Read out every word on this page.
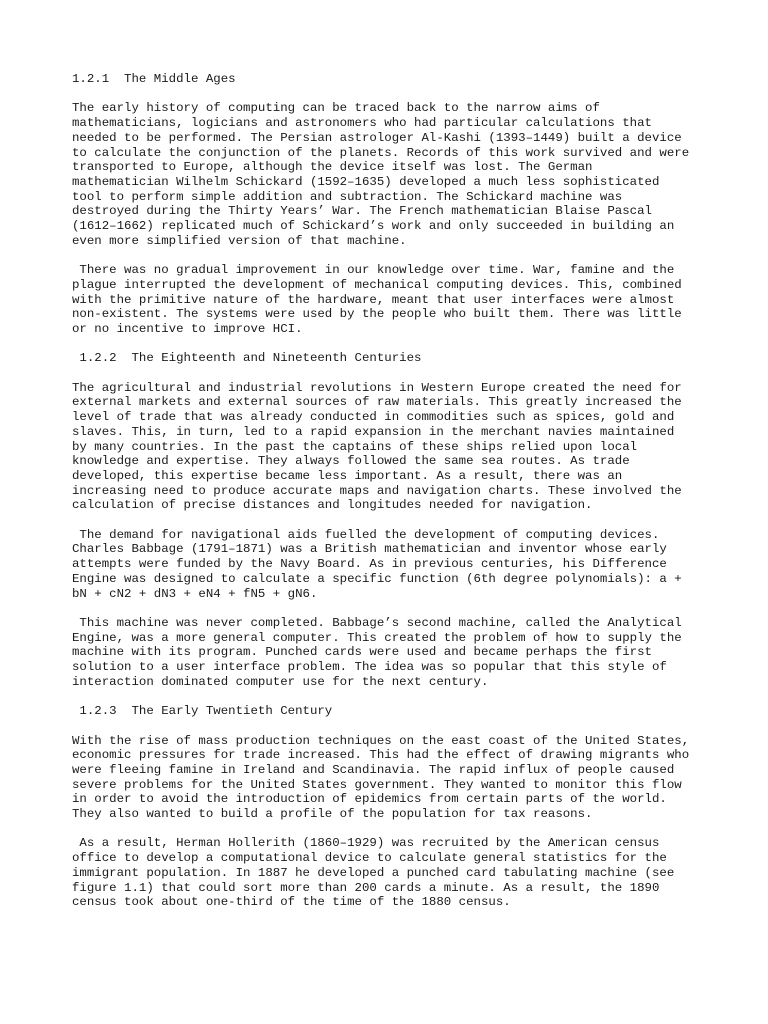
1.2.1  The Middle Ages
The early history of computing can be traced back to the narrow aims of
mathematicians, logicians and astronomers who had particular calculations that
needed to be performed. The Persian astrologer Al-Kashi (1393–1449) built a device
to calculate the conjunction of the planets. Records of this work survived and were
transported to Europe, although the device itself was lost. The German
mathematician Wilhelm Schickard (1592–1635) developed a much less sophisticated
tool to perform simple addition and subtraction. The Schickard machine was
destroyed during the Thirty Years’ War. The French mathematician Blaise Pascal
(1612–1662) replicated much of Schickard’s work and only succeeded in building an
even more simplified version of that machine.
There was no gradual improvement in our knowledge over time. War, famine and the
plague interrupted the development of mechanical computing devices. This, combined
with the primitive nature of the hardware, meant that user interfaces were almost
non-existent. The systems were used by the people who built them. There was little
or no incentive to improve HCI.
1.2.2  The Eighteenth and Nineteenth Centuries
The agricultural and industrial revolutions in Western Europe created the need for
external markets and external sources of raw materials. This greatly increased the
level of trade that was already conducted in commodities such as spices, gold and
slaves. This, in turn, led to a rapid expansion in the merchant navies maintained
by many countries. In the past the captains of these ships relied upon local
knowledge and expertise. They always followed the same sea routes. As trade
developed, this expertise became less important. As a result, there was an
increasing need to produce accurate maps and navigation charts. These involved the
calculation of precise distances and longitudes needed for navigation.
The demand for navigational aids fuelled the development of computing devices.
Charles Babbage (1791–1871) was a British mathematician and inventor whose early
attempts were funded by the Navy Board. As in previous centuries, his Difference
Engine was designed to calculate a specific function (6th degree polynomials): a +
bN + cN2 + dN3 + eN4 + fN5 + gN6.
This machine was never completed. Babbage’s second machine, called the Analytical
Engine, was a more general computer. This created the problem of how to supply the
machine with its program. Punched cards were used and became perhaps the first
solution to a user interface problem. The idea was so popular that this style of
interaction dominated computer use for the next century.
1.2.3  The Early Twentieth Century
With the rise of mass production techniques on the east coast of the United States,
economic pressures for trade increased. This had the effect of drawing migrants who
were fleeing famine in Ireland and Scandinavia. The rapid influx of people caused
severe problems for the United States government. They wanted to monitor this flow
in order to avoid the introduction of epidemics from certain parts of the world.
They also wanted to build a profile of the population for tax reasons.
As a result, Herman Hollerith (1860–1929) was recruited by the American census
office to develop a computational device to calculate general statistics for the
immigrant population. In 1887 he developed a punched card tabulating machine (see
figure 1.1) that could sort more than 200 cards a minute. As a result, the 1890
census took about one-third of the time of the 1880 census.
